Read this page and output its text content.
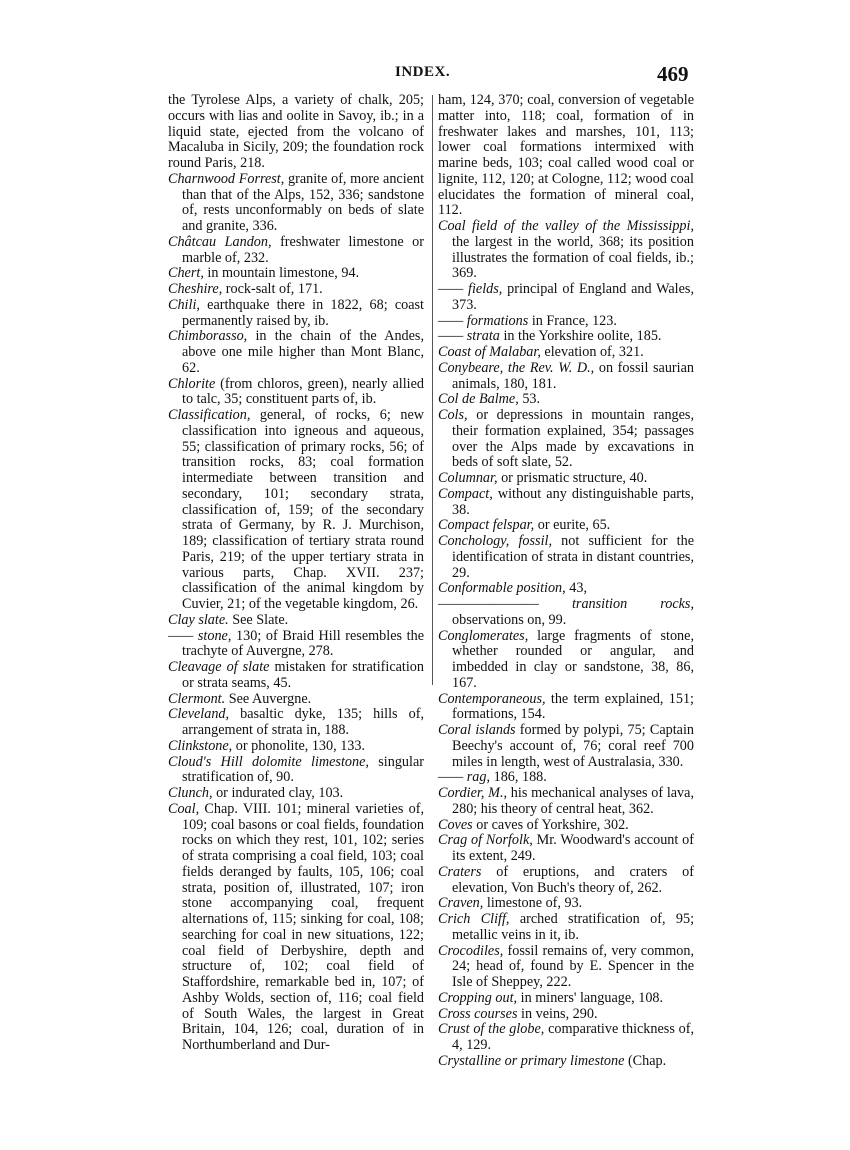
INDEX.	469

the Tyrolese Alps, a variety of chalk, 205; occurs with lias and oolite in Savoy, ib.; in a liquid state, ejected from the volcano of Macaluba in Sicily, 209; the foundation rock round Paris, 218.

Charnwood Forrest, granite of, more ancient than that of the Alps, 152, 336; sandstone of, rests unconformably on beds of slate and granite, 336.

Châtcau Landon, freshwater limestone or marble of, 232.

Chert, in mountain limestone, 94.

Cheshire, rock-salt of, 171.

Chili, earthquake there in 1822, 68; coast permanently raised by, ib.

Chimborasso, in the chain of the Andes, above one mile higher than Mont Blanc, 62.

Chlorite (from chloros, green), nearly allied to talc, 35; constituent parts of, ib.

Classification, general, of rocks, 6; new classification into igneous and aqueous, 55; classification of primary rocks, 56; of transition rocks, 83; coal formation intermediate between transition and secondary, 101; secondary strata, classification of, 159; of the secondary strata of Germany, by R. J. Murchison, 189; classification of tertiary strata round Paris, 219; of the upper tertiary strata in various parts, Chap. XVII. 237; classification of the animal kingdom by Cuvier, 21; of the vegetable kingdom, 26.

Clay slate. See Slate.

—— stone, 130; of Braid Hill resembles the trachyte of Auvergne, 278.

Cleavage of slate mistaken for stratification or strata seams, 45.

Clermont. See Auvergne.

Cleveland, basaltic dyke, 135; hills of, arrangement of strata in, 188.

Clinkstone, or phonolite, 130, 133.

Cloud's Hill dolomite limestone, singular stratification of, 90.

Clunch, or indurated clay, 103.

Coal, Chap. VIII. 101; mineral varieties of, 109; coal basons or coal fields, foundation rocks on which they rest, 101, 102; series of strata comprising a coal field, 103; coal fields deranged by faults, 105, 106; coal strata, position of, illustrated, 107; iron stone accompanying coal, frequent alternations of, 115; sinking for coal, 108; searching for coal in new situations, 122; coal field of Derbyshire, depth and structure of, 102; coal field of Staffordshire, remarkable bed in, 107; of Ashby Wolds, section of, 116; coal field of South Wales, the largest in Great Britain, 104, 126; coal, duration of in Northumberland and Dur-

ham, 124, 370; coal, conversion of vegetable matter into, 118; coal, formation of in freshwater lakes and marshes, 101, 113; lower coal formations intermixed with marine beds, 103; coal called wood coal or lignite, 112, 120; at Cologne, 112; wood coal elucidates the formation of mineral coal, 112.

Coal field of the valley of the Mississippi, the largest in the world, 368; its position illustrates the formation of coal fields, ib.; 369.

—— fields, principal of England and Wales, 373.

—— formations in France, 123.

—— strata in the Yorkshire oolite, 185.

Coast of Malabar, elevation of, 321.

Conybeare, the Rev. W. D., on fossil saurian animals, 180, 181.

Col de Balme, 53.

Cols, or depressions in mountain ranges, their formation explained, 354; passages over the Alps made by excavations in beds of soft slate, 52.

Columnar, or prismatic structure, 40.

Compact, without any distinguishable parts, 38.

Compact felspar, or eurite, 65.

Conchology, fossil, not sufficient for the identification of strata in distant countries, 29.

Conformable position, 43,

———————— transition rocks, observations on, 99.

Conglomerates, large fragments of stone, whether rounded or angular, and imbedded in clay or sandstone, 38, 86, 167.

Contemporaneous, the term explained, 151; formations, 154.

Coral islands formed by polypi, 75; Captain Beechy's account of, 76; coral reef 700 miles in length, west of Australasia, 330.

—— rag, 186, 188.

Cordier, M., his mechanical analyses of lava, 280; his theory of central heat, 362.

Coves or caves of Yorkshire, 302.

Crag of Norfolk, Mr. Woodward's account of its extent, 249.

Craters of eruptions, and craters of elevation, Von Buch's theory of, 262.

Craven, limestone of, 93.

Crich Cliff, arched stratification of, 95; metallic veins in it, ib.

Crocodiles, fossil remains of, very common, 24; head of, found by E. Spencer in the Isle of Sheppey, 222.

Cropping out, in miners' language, 108.

Cross courses in veins, 290.

Crust of the globe, comparative thickness of, 4, 129.

Crystalline or primary limestone (Chap.
